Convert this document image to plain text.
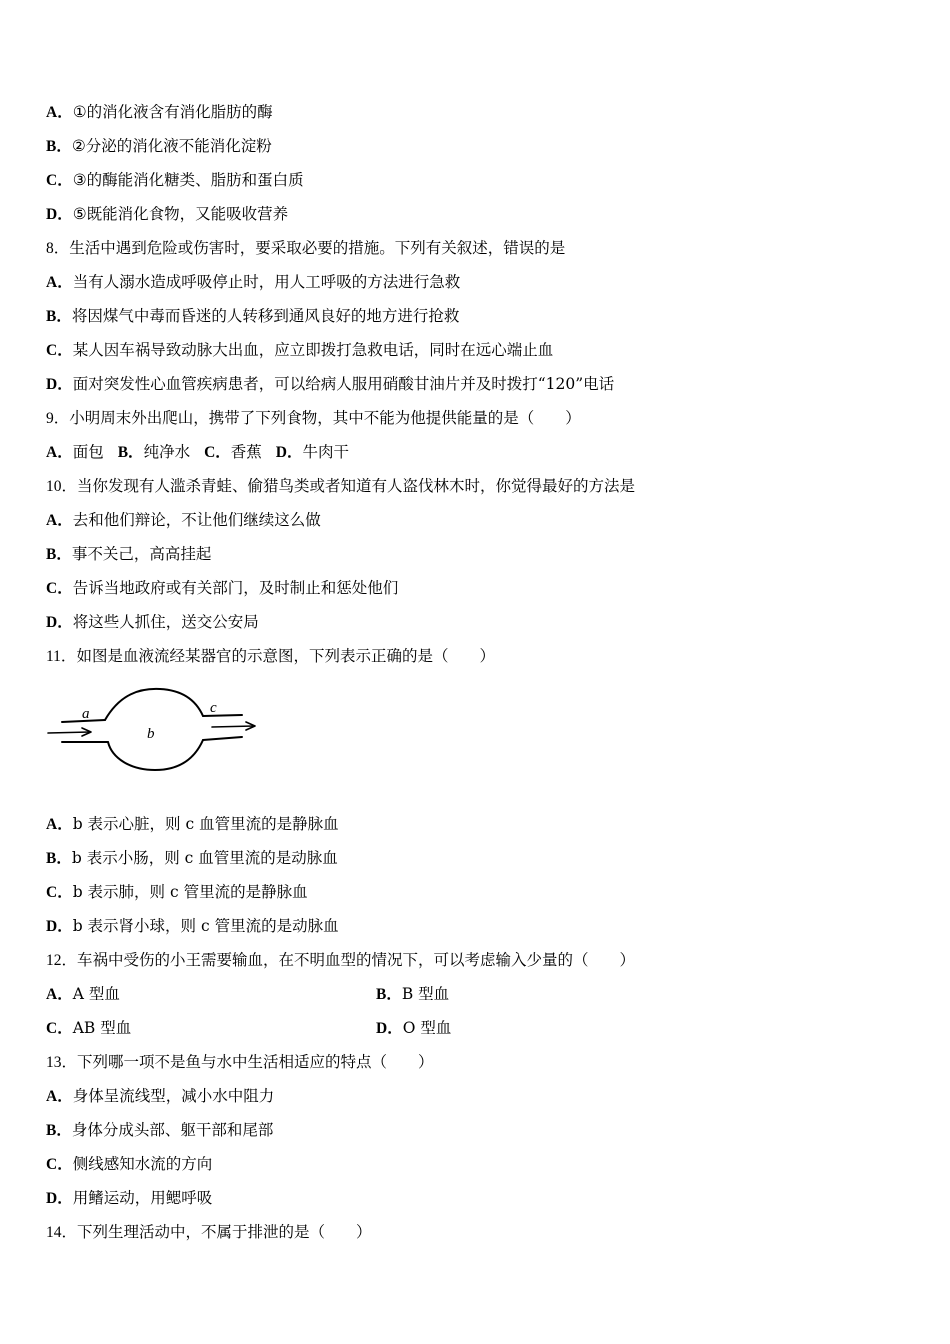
A．①的消化液含有消化脂肪的酶
B．②分泌的消化液不能消化淀粉
C．③的酶能消化糖类、脂肪和蛋白质
D．⑤既能消化食物，又能吸收营养
8．生活中遇到危险或伤害时，要采取必要的措施。下列有关叙述，错误的是
A．当有人溺水造成呼吸停止时，用人工呼吸的方法进行急救
B．将因煤气中毒而昏迷的人转移到通风良好的地方进行抢救
C．某人因车祸导致动脉大出血，应立即拨打急救电话，同时在远心端止血
D．面对突发性心血管疾病患者，可以给病人服用硝酸甘油片并及时拨打“120”电话
9．小明周末外出爬山，携带了下列食物，其中不能为他提供能量的是（　　）
A．面包 B．纯净水 C．香蕉 D．牛肉干
10．当你发现有人滥杀青蛙、偷猎鸟类或者知道有人盗伐林木时，你觉得最好的方法是
A．去和他们辩论，不让他们继续这么做
B．事不关己，高高挂起
C．告诉当地政府或有关部门，及时制止和惩处他们
D．将这些人抓住，送交公安局
11．如图是血液流经某器官的示意图，下列表示正确的是（　　）
a
b
c
A．b 表示心脏，则 c 血管里流的是静脉血
B．b 表示小肠，则 c 血管里流的是动脉血
C．b 表示肺，则 c 管里流的是静脉血
D．b 表示肾小球，则 c 管里流的是动脉血
12．车祸中受伤的小王需要输血，在不明血型的情况下，可以考虑输入少量的（　　）
A．A 型血	B．B 型血
C．AB 型血	D．O 型血
13．下列哪一项不是鱼与水中生活相适应的特点（　　）
A．身体呈流线型，减小水中阻力
B．身体分成头部、躯干部和尾部
C．侧线感知水流的方向
D．用鳍运动，用鳃呼吸
14．下列生理活动中，不属于排泄的是（　　）
